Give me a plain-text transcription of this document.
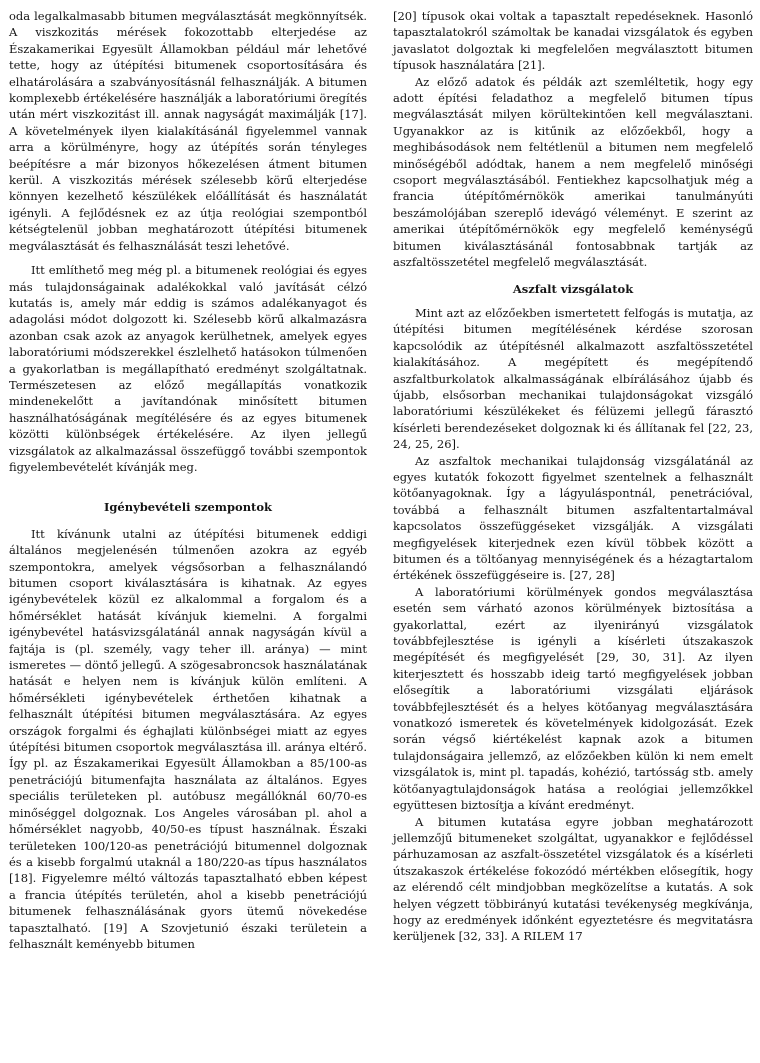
oda legalkalmasabb bitumen megválasztását megkönnyítsék. A viszkozitás mérések fokozottabb elterjedése az Északamerikai Egyesült Államokban például már lehetővé tette, hogy az útépítési bitumenek csoportosítására és elhatárolására a szabványosításnál felhasználják. A bitumen komplexebb értékelésére használják a laboratóriumi öregítés után mért viszkozitást ill. annak nagyságát maximálják [17]. A követelmények ilyen kialakításánál figyelemmel vannak arra a körülményre, hogy az útépítés során tényleges beépítésre a már bizonyos hőkezelésen átment bitumen kerül. A viszkozitás mérések szélesebb körű elterjedése könnyen kezelhető készülékek előállítását és használatát igényli. A fejlődésnek ez az útja reológiai szempontból kétségtelenül jobban meghatározott útépítési bitumenek megválasztását és felhasználását teszi lehetővé.

Itt említhető meg még pl. a bitumenek reológiai és egyes más tulajdonságainak adalékokkal való javítását célzó kutatás is, amely már eddig is számos adalékanyagot és adagolási módot dolgozott ki. Szélesebb körű alkalmazásra azonban csak azok az anyagok kerülhetnek, amelyek egyes laboratóriumi módszerekkel észlelhető hatásokon túlmenően a gyakorlatban is megállapítható eredményt szolgáltatnak. Természetesen az előző megállapítás vonatkozik mindenekelőtt a javítandónak minősített bitumen használhatóságának megítélésére és az egyes bitumenek közötti különbségek értékelésére. Az ilyen jellegű vizsgálatok az alkalmazással összefüggő további szempontok figyelembevételét kívánják meg.

Igénybevételi szempontok

Itt kívánunk utalni az útépítési bitumenek eddigi általános megjelenésén túlmenően azokra az egyéb szempontokra, amelyek végsősorban a felhasználandó bitumen csoport kiválasztására is kihatnak. Az egyes igénybevételek közül ez alkalommal a forgalom és a hőmérséklet hatását kívánjuk kiemelni. A forgalmi igénybevétel hatásvizsgálatánál annak nagyságán kívül a fajtája is (pl. személy, vagy teher ill. aránya) — mint ismeretes — döntő jellegű. A szögesabroncsok használatának hatását e helyen nem is kívánjuk külön említeni. A hőmérsékleti igénybevételek érthetően kihatnak a felhasznált útépítési bitumen megválasztására. Az egyes országok forgalmi és éghajlati különbségei miatt az egyes útépítési bitumen csoportok megválasztása ill. aránya eltérő. Így pl. az Északamerikai Egyesült Államokban a 85/100-as penetrációjú bitumenfajta használata az általános. Egyes speciális területeken pl. autóbusz megállóknál 60/70-es minőséggel dolgoznak. Los Angeles városában pl. ahol a hőmérséklet nagyobb, 40/50-es típust használnak. Északi területeken 100/120-as penetrációjú bitumennel dolgoznak és a kisebb forgalmú utaknál a 180/220-as típus használatos [18]. Figyelemre méltó változás tapasztalható ebben képest a francia útépítés területén, ahol a kisebb penetrációjú bitumenek felhasználásának gyors ütemű növekedése tapasztalható. [19] A Szovjetunió északi területein a felhasznált keményebb bitumen

[20] típusok okai voltak a tapasztalt repedéseknek. Hasonló tapasztalatokról számoltak be kanadai vizsgálatok és egyben javaslatot dolgoztak ki megfelelően megválasztott bitumen típusok használatára [21].

Az előző adatok és példák azt szemléltetik, hogy egy adott építési feladathoz a megfelelő bitumen típus megválasztását milyen körültekintően kell megválasztani. Ugyanakkor az is kitűnik az előzőekből, hogy a meghibásodások nem feltétlenül a bitumen nem megfelelő minőségéből adódtak, hanem a nem megfelelő minőségi csoport megválasztásából. Fentiekhez kapcsolhatjuk még a francia útépítőmérnökök amerikai tanulmányúti beszámolójában szereplő idevágó véleményt. E szerint az amerikai útépítőmérnökök egy megfelelő keménységű bitumen kiválasztásánál fontosabbnak tartják az aszfaltösszetétel megfelelő megválasztását.

Aszfalt vizsgálatok

Mint azt az előzőekben ismertetett felfogás is mutatja, az útépítési bitumen megítélésének kérdése szorosan kapcsolódik az útépítésnél alkalmazott aszfaltösszetétel kialakításához. A megépített és megépítendő aszfaltburkolatok alkalmasságának elbírálásához újabb és újabb, elsősorban mechanikai tulajdonságokat vizsgáló laboratóriumi készülékeket és félüzemi jellegű fárasztó kísérleti berendezéseket dolgoznak ki és állítanak fel [22, 23, 24, 25, 26].

Az aszfaltok mechanikai tulajdonság vizsgálatánál az egyes kutatók fokozott figyelmet szentelnek a felhasznált kötőanyagoknak. Így a lágyuláspontnál, penetrációval, továbbá a felhasznált bitumen aszfaltentartalmával kapcsolatos összefüggéseket vizsgálják. A vizsgálati megfigyelések kiterjednek ezen kívül többek között a bitumen és a töltőanyag mennyiségének és a hézagtartalom értékének összefüggéseire is. [27, 28]

A laboratóriumi körülmények gondos megválasztása esetén sem várható azonos körülmények biztosítása a gyakorlattal, ezért az ilyenirányú vizsgálatok továbbfejlesztése is igényli a kísérleti útszakaszok megépítését és megfigyelését [29, 30, 31]. Az ilyen kiterjesztett és hosszabb ideig tartó megfigyelések jobban elősegítik a laboratóriumi vizsgálati eljárások továbbfejlesztését és a helyes kötőanyag megválasztására vonatkozó ismeretek és követelmények kidolgozását. Ezek során végső kiértékelést kapnak azok a bitumen tulajdonságaira jellemző, az előzőekben külön ki nem emelt vizsgálatok is, mint pl. tapadás, kohézió, tartósság stb. amely kötőanyagtulajdonságok hatása a reológiai jellemzőkkel együttesen biztosítja a kívánt eredményt.

A bitumen kutatása egyre jobban meghatározott jellemzőjű bitumeneket szolgáltat, ugyanakkor e fejlődéssel párhuzamosan az aszfalt-összetétel vizsgálatok és a kísérleti útszakaszok értékelése fokozódó mértékben elősegítik, hogy az elérendő célt mindjobban megközelítse a kutatás. A sok helyen végzett többirányú kutatási tevékenység megkívánja, hogy az eredmények időnként egyeztetésre és megvitatásra kerüljenek [32, 33]. A RILEM 17
